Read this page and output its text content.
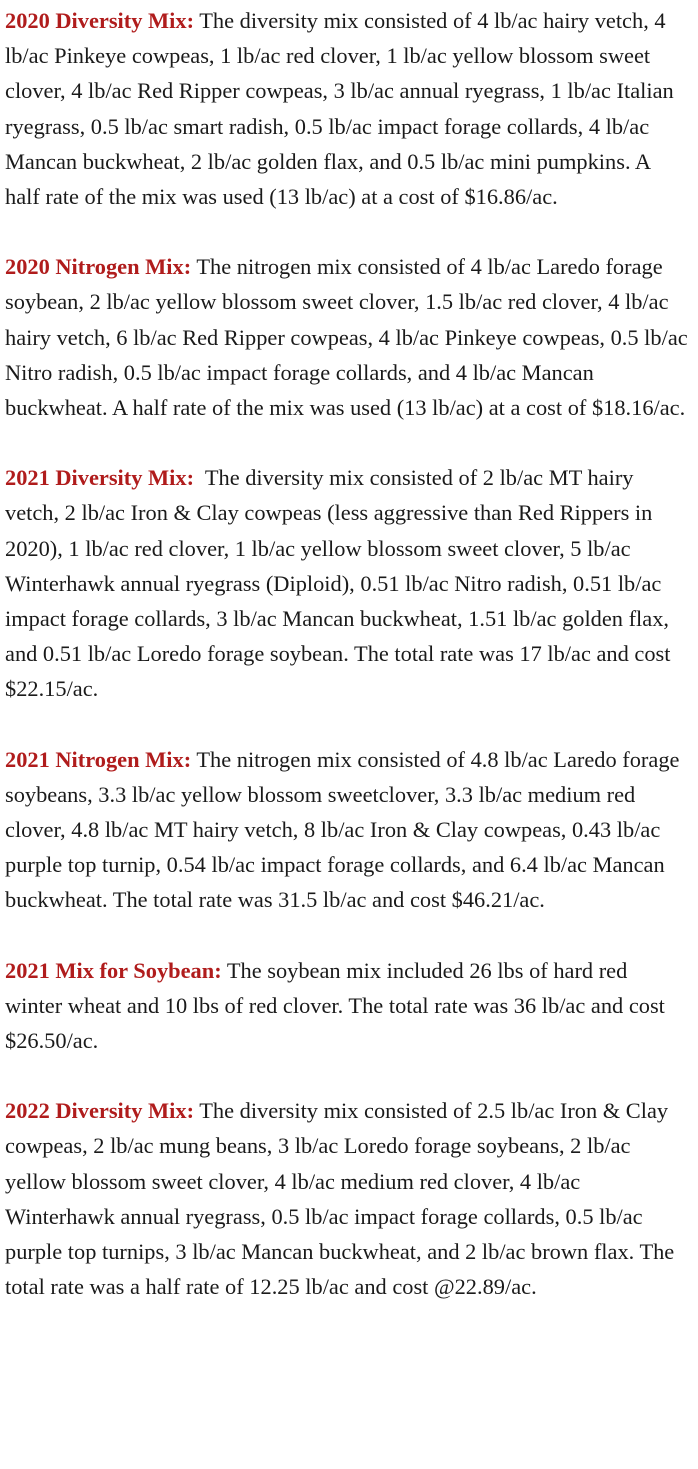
2020 Diversity Mix: The diversity mix consisted of 4 lb/ac hairy vetch, 4 lb/ac Pinkeye cowpeas, 1 lb/ac red clover, 1 lb/ac yellow blossom sweet clover, 4 lb/ac Red Ripper cowpeas, 3 lb/ac annual ryegrass, 1 lb/ac Italian ryegrass, 0.5 lb/ac smart radish, 0.5 lb/ac impact forage collards, 4 lb/ac Mancan buckwheat, 2 lb/ac golden flax, and 0.5 lb/ac mini pumpkins. A half rate of the mix was used (13 lb/ac) at a cost of $16.86/ac.

2020 Nitrogen Mix: The nitrogen mix consisted of 4 lb/ac Laredo forage soybean, 2 lb/ac yellow blossom sweet clover, 1.5 lb/ac red clover, 4 lb/ac hairy vetch, 6 lb/ac Red Ripper cowpeas, 4 lb/ac Pinkeye cowpeas, 0.5 lb/ac Nitro radish, 0.5 lb/ac impact forage collards, and 4 lb/ac Mancan buckwheat. A half rate of the mix was used (13 lb/ac) at a cost of $18.16/ac.

2021 Diversity Mix:  The diversity mix consisted of 2 lb/ac MT hairy vetch, 2 lb/ac Iron & Clay cowpeas (less aggressive than Red Rippers in 2020), 1 lb/ac red clover, 1 lb/ac yellow blossom sweet clover, 5 lb/ac Winterhawk annual ryegrass (Diploid), 0.51 lb/ac Nitro radish, 0.51 lb/ac impact forage collards, 3 lb/ac Mancan buckwheat, 1.51 lb/ac golden flax, and 0.51 lb/ac Loredo forage soybean. The total rate was 17 lb/ac and cost $22.15/ac.

2021 Nitrogen Mix: The nitrogen mix consisted of 4.8 lb/ac Laredo forage soybeans, 3.3 lb/ac yellow blossom sweetclover, 3.3 lb/ac medium red clover, 4.8 lb/ac MT hairy vetch, 8 lb/ac Iron & Clay cowpeas, 0.43 lb/ac purple top turnip, 0.54 lb/ac impact forage collards, and 6.4 lb/ac Mancan buckwheat. The total rate was 31.5 lb/ac and cost $46.21/ac.

2021 Mix for Soybean: The soybean mix included 26 lbs of hard red winter wheat and 10 lbs of red clover. The total rate was 36 lb/ac and cost $26.50/ac.

2022 Diversity Mix: The diversity mix consisted of 2.5 lb/ac Iron & Clay cowpeas, 2 lb/ac mung beans, 3 lb/ac Loredo forage soybeans, 2 lb/ac yellow blossom sweet clover, 4 lb/ac medium red clover, 4 lb/ac Winterhawk annual ryegrass, 0.5 lb/ac impact forage collards, 0.5 lb/ac purple top turnips, 3 lb/ac Mancan buckwheat, and 2 lb/ac brown flax. The total rate was a half rate of 12.25 lb/ac and cost @22.89/ac.
